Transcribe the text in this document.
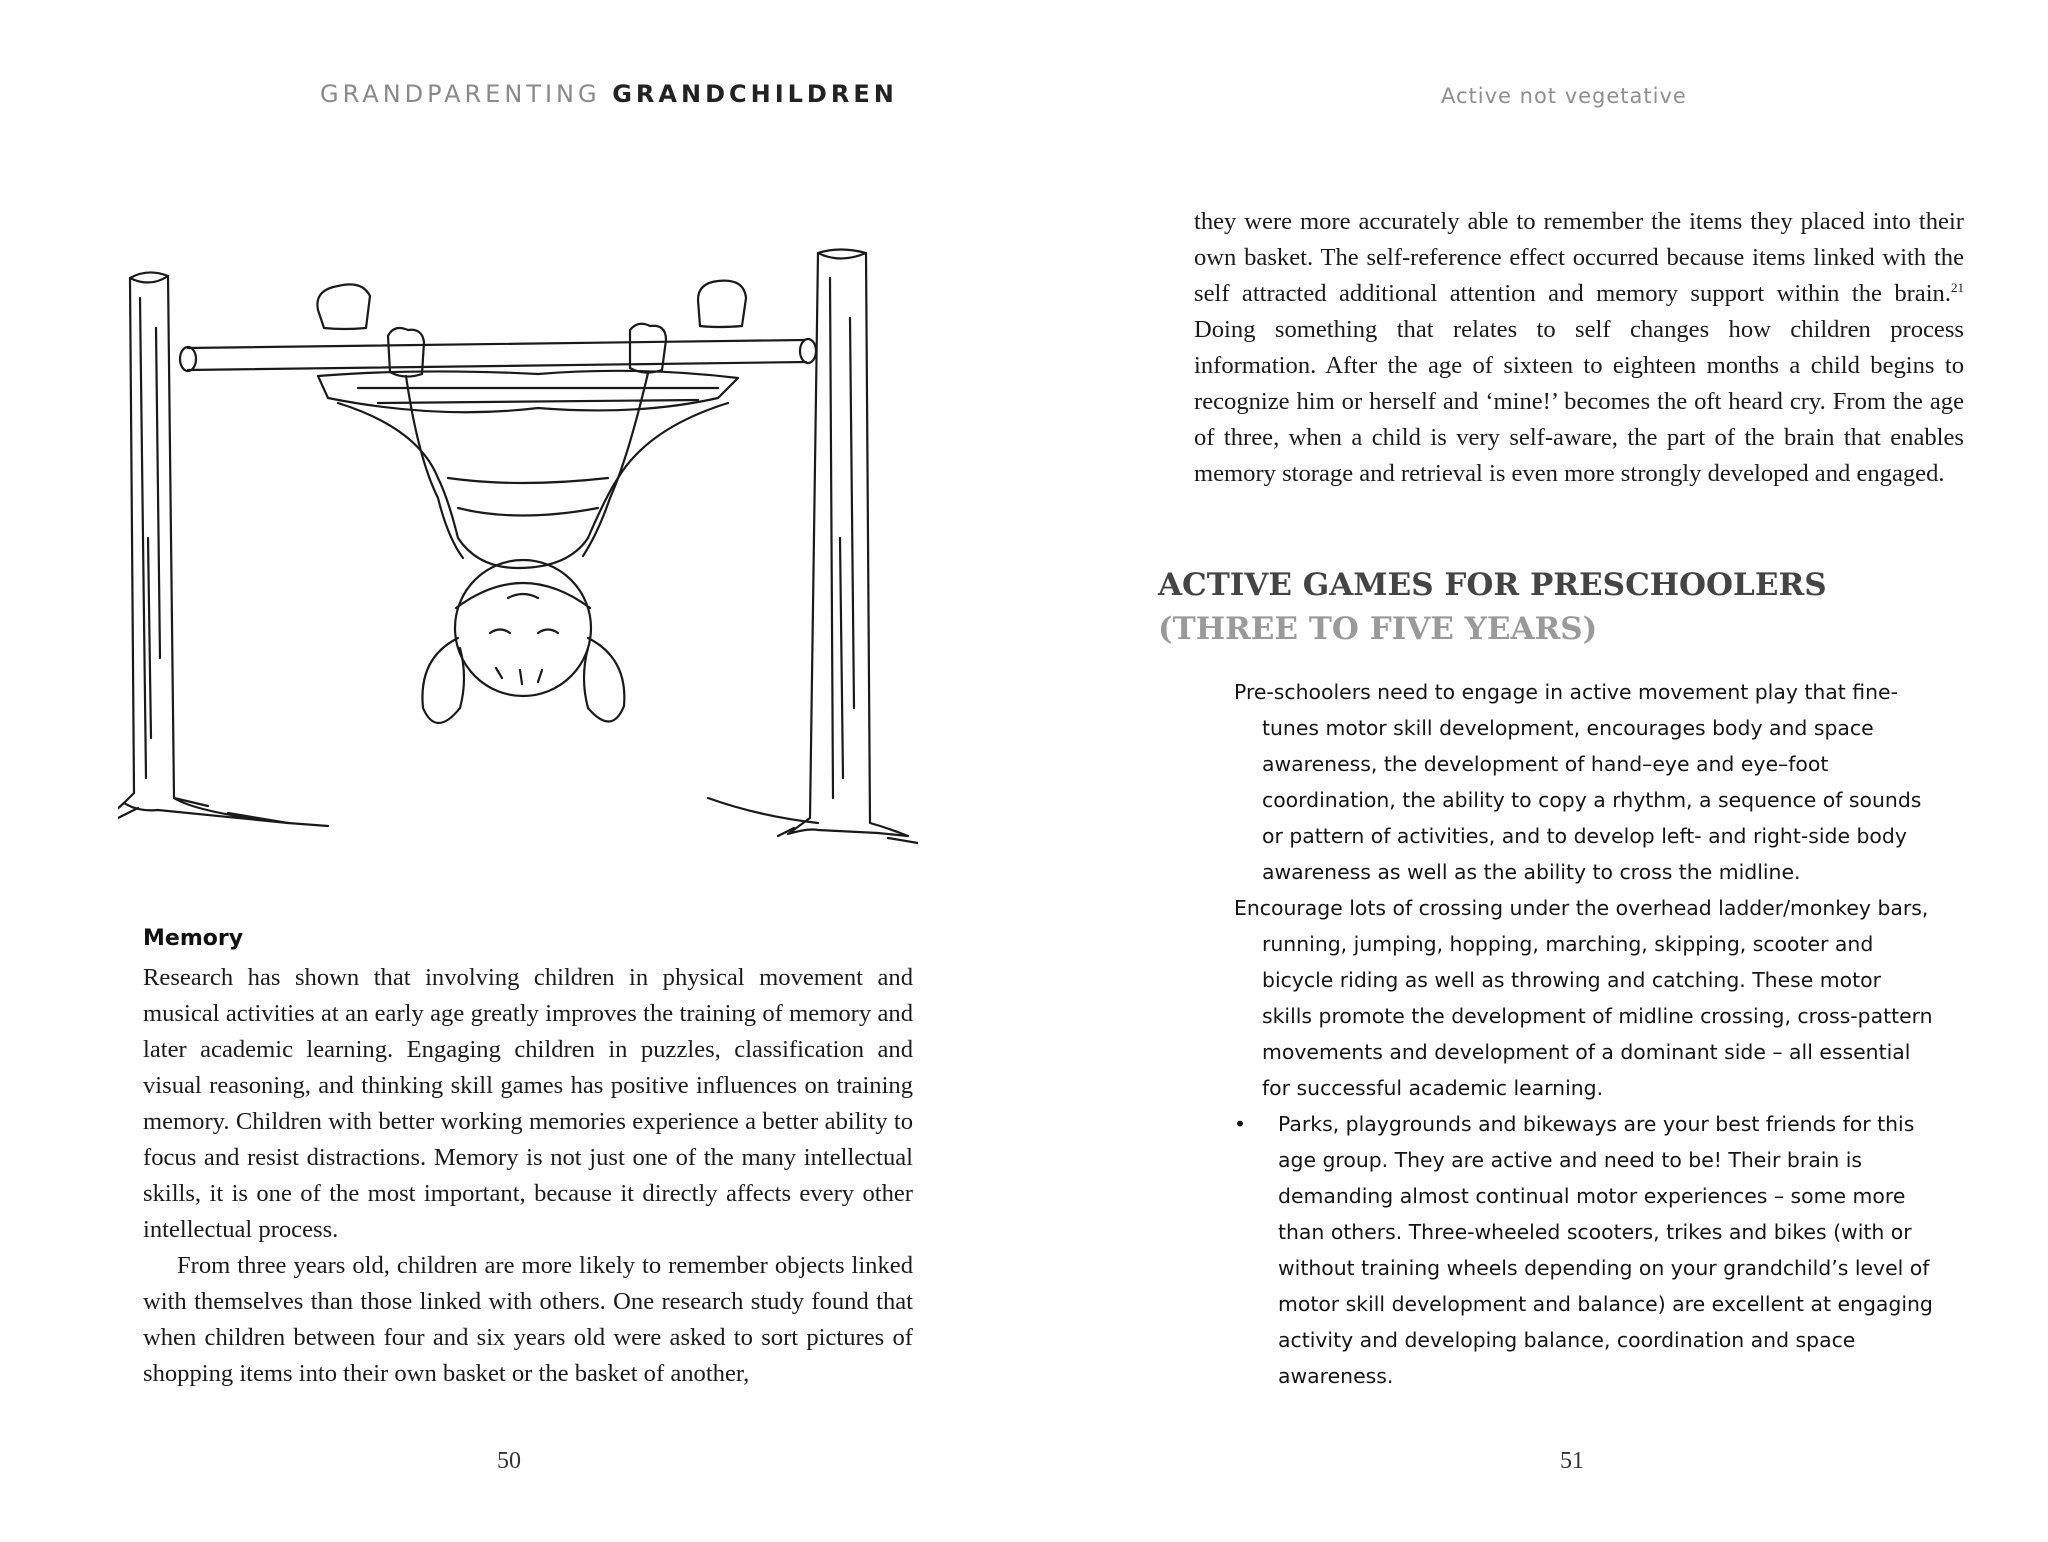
GRANDPARENTING GRANDCHILDREN
Memory

Research has shown that involving children in physical movement and musical activities at an early age greatly improves the training of memory and later academic learning. Engaging children in puzzles, classification and visual reasoning, and thinking skill games has positive influences on training memory. Children with better working memories experience a better ability to focus and resist distractions. Memory is not just one of the many intellectual skills, it is one of the most important, because it directly affects every other intellectual process.

From three years old, children are more likely to remember objects linked with themselves than those linked with others. One research study found that when children between four and six years old were asked to sort pictures of shopping items into their own basket or the basket of another,

50
Active not vegetative

they were more accurately able to remember the items they placed into their own basket. The self-reference effect occurred because items linked with the self attracted additional attention and memory support within the brain.$^{21}$ Doing something that relates to self changes how children process information. After the age of sixteen to eighteen months a child begins to recognize him or herself and ‘mine!’ becomes the oft heard cry. From the age of three, when a child is very self-aware, the part of the brain that enables memory storage and retrieval is even more strongly developed and engaged.

ACTIVE GAMES FOR PRESCHOOLERS
(THREE TO FIVE YEARS)

Pre-schoolers need to engage in active movement play that fine-tunes motor skill development, encourages body and space awareness, the development of hand–eye and eye–foot coordination, the ability to copy a rhythm, a sequence of sounds or pattern of activities, and to develop left- and right-side body awareness as well as the ability to cross the midline.

Encourage lots of crossing under the overhead ladder/monkey bars, running, jumping, hopping, marching, skipping, scooter and bicycle riding as well as throwing and catching. These motor skills promote the development of midline crossing, cross-pattern movements and development of a dominant side – all essential for successful academic learning.

•	Parks, playgrounds and bikeways are your best friends for this age group. They are active and need to be! Their brain is demanding almost continual motor experiences – some more than others. Three-wheeled scooters, trikes and bikes (with or without training wheels depending on your grandchild’s level of motor skill development and balance) are excellent at engaging activity and developing balance, coordination and space awareness.
51
